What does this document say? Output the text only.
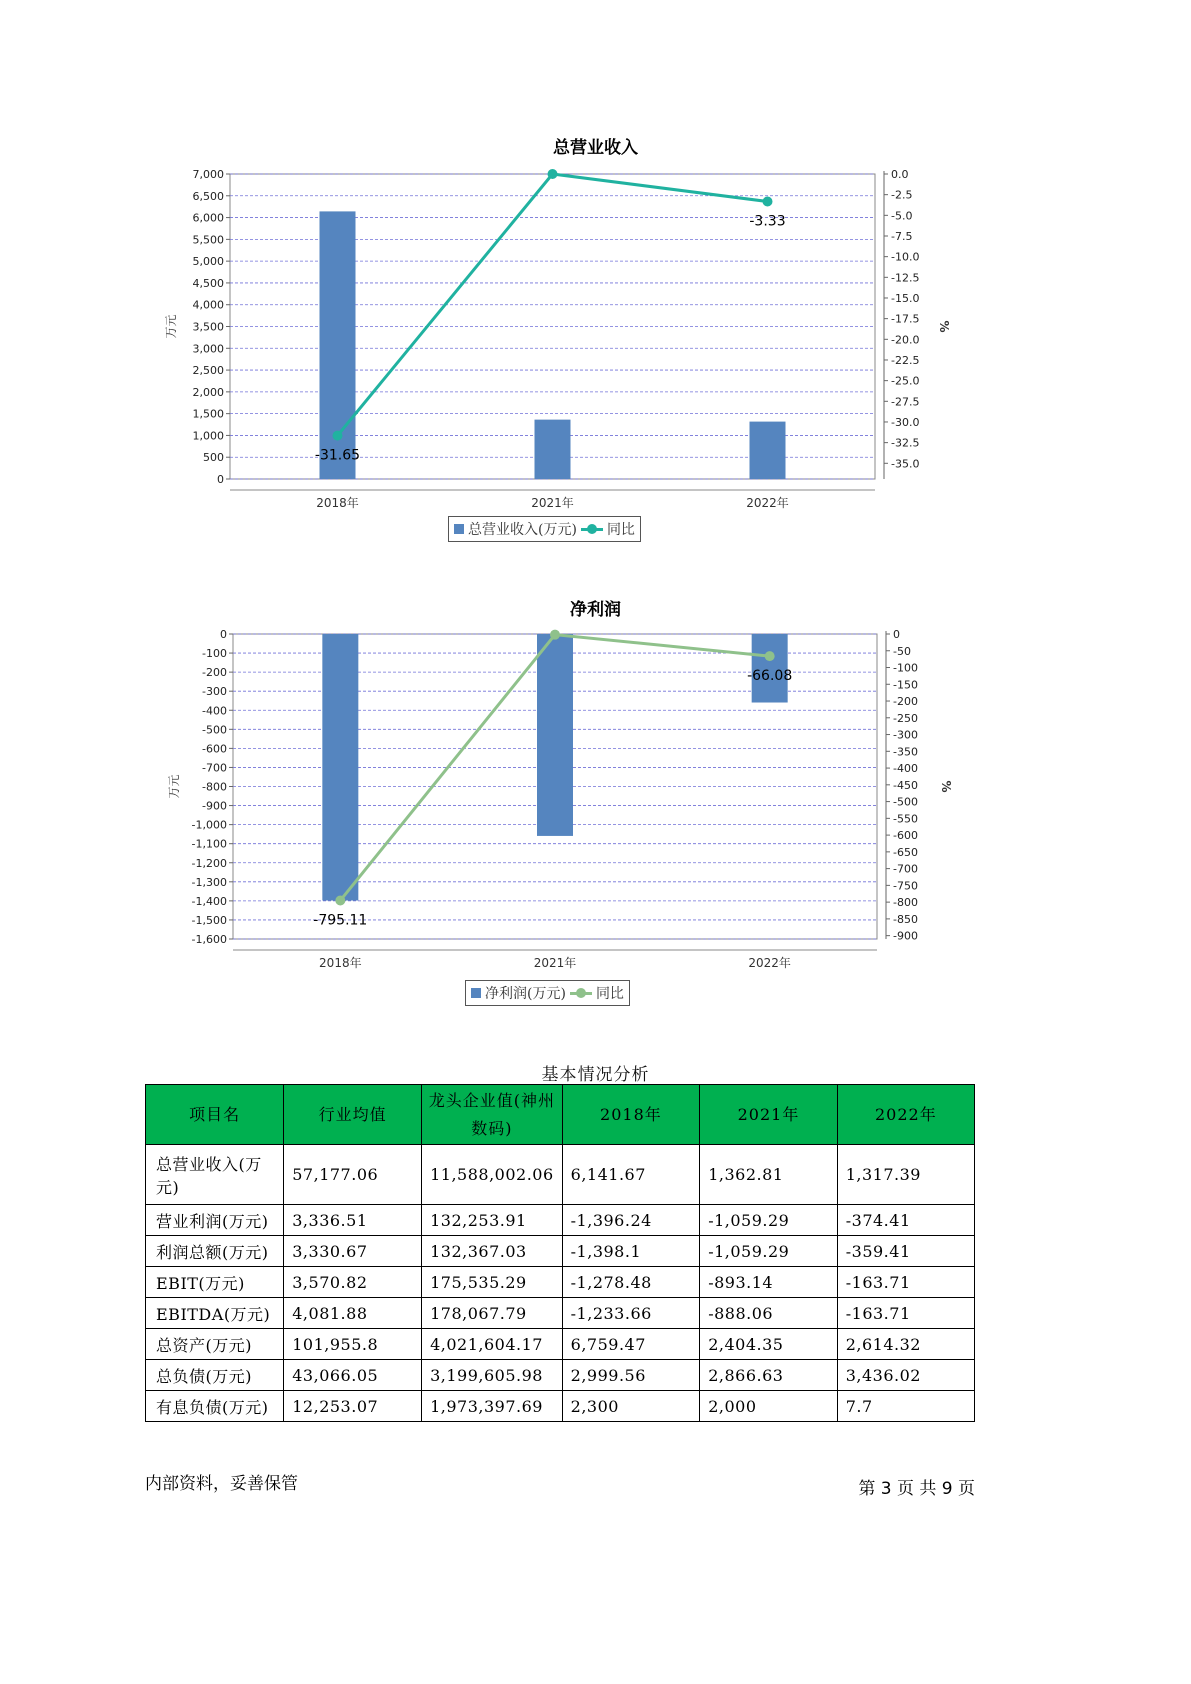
总营业收入
0
500
1,000
1,500
2,000
2,500
3,000
3,500
4,000
4,500
5,000
5,500
6,000
6,500
7,000	0.0
-2.5
-5.0
-7.5
-10.0
-12.5
-15.0
-17.5
-20.0
-22.5
-25.0
-27.5
-30.0
-32.5
-35.0
万元	%
2018年	2021年	2022年
-31.65
-3.33
总营业收入(万元) 同比
净利润
0
-100
-200
-300
-400
-500
-600
-700
-800
-900
-1,000
-1,100
-1,200
-1,300
-1,400
-1,500
-1,600
0
-50
-100
-150
-200
-250
-300
-350
-400
-450
-500
-550
-600
-650
-700
-750
-800
-850
-900
万元	%
2018年	2021年	2022年
-795.11
-66.08
净利润(万元) 同比
基本情况分析
项目名	行业均值	龙头企业值(神州数码)	2018年	2021年	2022年
总营业收入(万元)	57,177.06	11,588,002.06	6,141.67	1,362.81	1,317.39
营业利润(万元)	3,336.51	132,253.91	-1,396.24	-1,059.29	-374.41
利润总额(万元)	3,330.67	132,367.03	-1,398.1	-1,059.29	-359.41
EBIT(万元)	3,570.82	175,535.29	-1,278.48	-893.14	-163.71
EBITDA(万元)	4,081.88	178,067.79	-1,233.66	-888.06	-163.71
总资产(万元)	101,955.8	4,021,604.17	6,759.47	2,404.35	2,614.32
总负债(万元)	43,066.05	3,199,605.98	2,999.56	2,866.63	3,436.02
有息负债(万元)	12,253.07	1,973,397.69	2,300	2,000	7.7
内部资料，妥善保管	第 3 页 共 9 页
